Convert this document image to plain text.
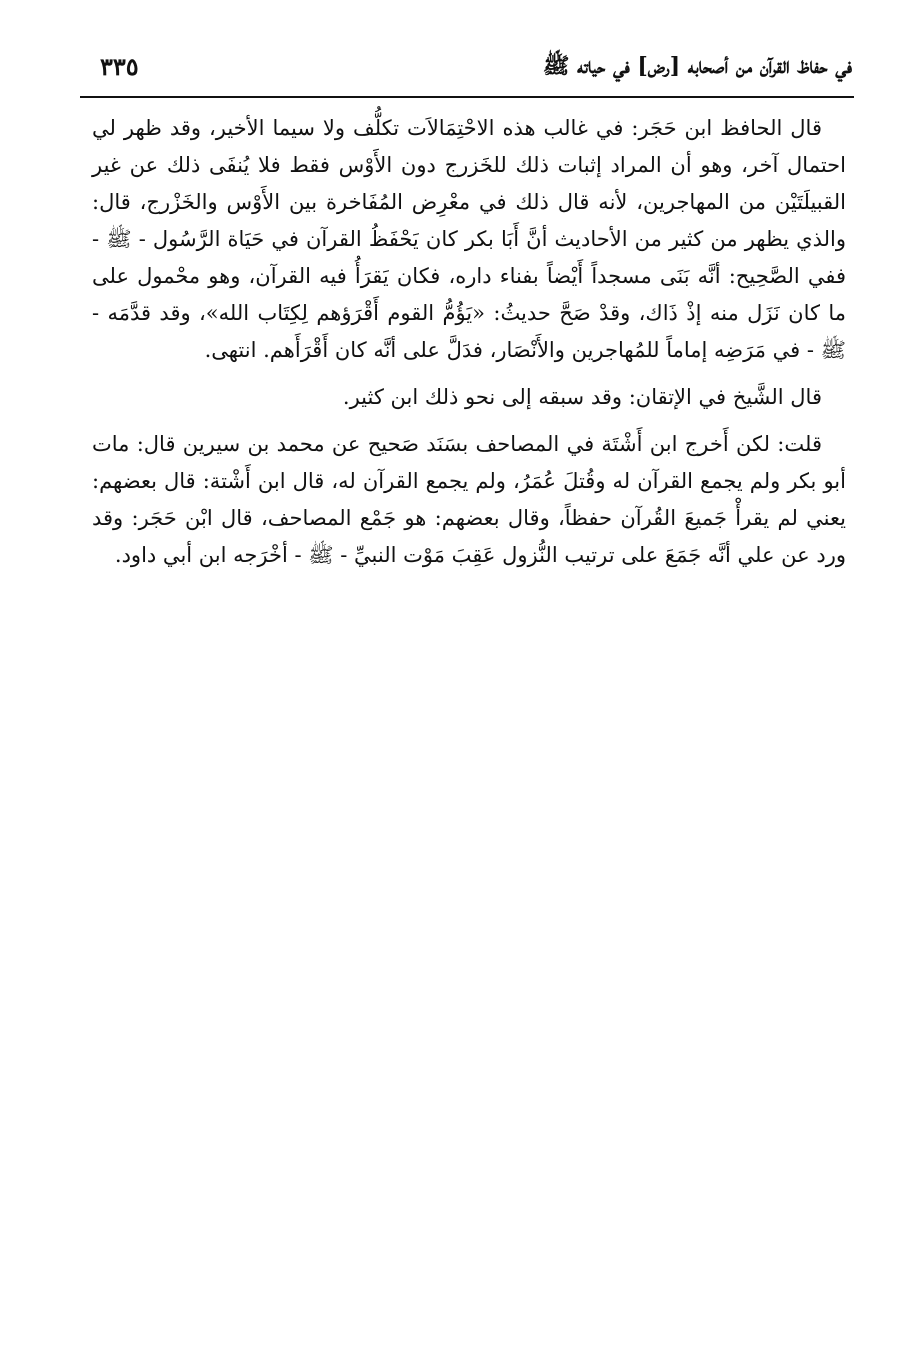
في حفاظ القرآن من أصحابه [رض] في حياته ﷺ
٣٣٥

قال الحافظ ابن حَجَر: في غالب هذه الاحْتِمَالاَت تكلُّف ولا سيما الأخير، وقد ظهر لي احتمال آخر، وهو أن المراد إثبات ذلك للخَزرج دون الأَوْس فقط فلا يُنفَى ذلك عن غير القبيلَتَيْن من المهاجرين، لأنه قال ذلك في معْرِض المُفَاخرة بين الأَوْس والخَزْرج، قال: والذي يظهر من كثير من الأحاديث أنَّ أَبَا بكر كان يَحْفَظُ القرآن في حَيَاة الرَّسُول - ﷺ - ففي الصَّحِيح: أنَّه بَنَى مسجداً أَيْضاً بفناء داره، فكان يَقرَأُ فيه القرآن، وهو محْمول على ما كان نَزَل منه إذْ ذَاك، وقدْ صَحَّ حديثُ: «يَؤُمُّ القوم أَقْرَؤهم لِكِتَاب الله»، وقد قدَّمَه - ﷺ - في مَرَضِه إماماً للمُهاجرين والأَنْصَار، فدَلَّ على أنَّه كان أَقْرَأَهم. انتهى.

قال الشَّيخ في الإتقان: وقد سبقه إلى نحو ذلك ابن كثير.

قلت: لكن أَخرج ابن أَشْتَة في المصاحف بسَنَد صَحيح عن محمد بن سيرين قال: مات أبو بكر ولم يجمع القرآن له وقُتلَ عُمَرُ، ولم يجمع القرآن له، قال ابن أَشْتة: قال بعضهم: يعني لم يقرأْ جَميعَ القُرآن حفظاً، وقال بعضهم: هو جَمْع المصاحف، قال ابْن حَجَر: وقد ورد عن علي أنَّه جَمَعَ على ترتيب النُّزول عَقِبَ مَوْت النبيِّ - ﷺ - أخْرَجه ابن أبي داود.
